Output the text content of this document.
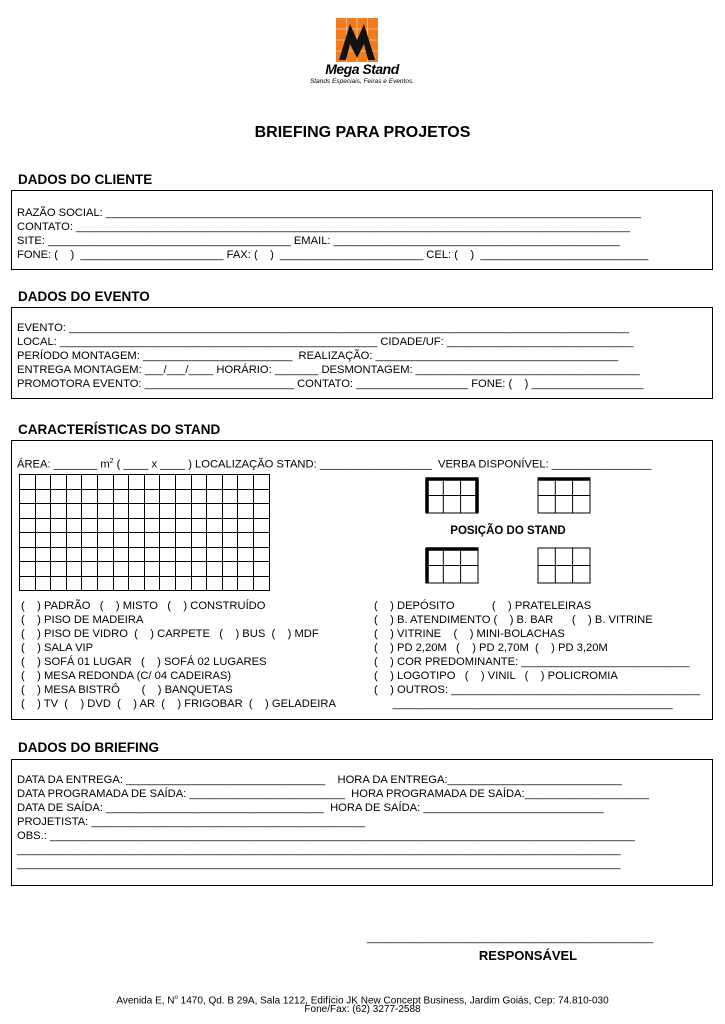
Mega Stand
Stands Especiais, Feiras e Eventos.
BRIEFING PARA PROJETOS
DADOS DO CLIENTE
RAZÃO SOCIAL: ______________________________________________________________________________________
CONTATO: _________________________________________________________________________________________
SITE: _______________________________________ EMAIL: ______________________________________________
FONE: (    )  _______________________ FAX: (    )  _______________________ CEL: (    )  ___________________________
DADOS DO EVENTO
EVENTO: __________________________________________________________________________________________
LOCAL: ___________________________________________________ CIDADE/UF: ______________________________
PERÍODO MONTAGEM: ________________________  REALIZAÇÃO: _______________________________________
ENTREGA MONTAGEM: ___/___/____ HORÁRIO: _______ DESMONTAGEM: ____________________________________
PROMOTORA EVENTO: ________________________ CONTATO: __________________ FONE: (    ) __________________
CARACTERÍSTICAS DO STAND
ÁREA: _______ $m^2$ ( ____ x ____ ) LOCALIZAÇÃO STAND: __________________  VERBA DISPONÍVEL: ________________

POSIÇÃO DO STAND
(    ) PADRÃO   (    ) MISTO   (    ) CONSTRUÍDO
(    ) PISO DE MADEIRA
(    ) PISO DE VIDRO  (    ) CARPETE   (    ) BUS  (    ) MDF
(    ) SALA VIP
(    ) SOFÁ 01 LUGAR   (    ) SOFÁ 02 LUGARES
(    ) MESA REDONDA (C/ 04 CADEIRAS)
(    ) MESA BISTRÔ       (    ) BANQUETAS
(    ) TV  (    ) DVD  (    ) AR  (    ) FRIGOBAR  (    ) GELADEIRA
(    ) DEPÓSITO            (    ) PRATELEIRAS
(    ) B. ATENDIMENTO (    ) B. BAR      (    ) B. VITRINE
(    ) VITRINE    (    ) MINI-BOLACHAS
(    ) PD 2,20M   (    ) PD 2,70M  (    ) PD 3,20M
(    ) COR PREDOMINANTE: ___________________________
(    ) LOGOTIPO   (    ) VINIL   (    ) POLICROMIA
(    ) OUTROS: ________________________________________
_____________________________________________
DADOS DO BRIEFING
DATA DA ENTREGA: ________________________________    HORA DA ENTREGA:____________________________
DATA PROGRAMADA DE SAÍDA: _________________________  HORA PROGRAMADA DE SAÍDA:____________________
DATA DE SAÍDA: ___________________________________  HORA DE SAÍDA: _____________________________
PROJETISTA: ____________________________________________
OBS.: ______________________________________________________________________________________________
_________________________________________________________________________________________________
_________________________________________________________________________________________________
______________________________________________
RESPONSÁVEL
Avenida E, $N^o$ 1470, Qd. B 29A, Sala 1212, Edifício JK New Concept Business, Jardim Goiás, Cep: 74.810-030
Fone/Fax: (62) 3277-2588
